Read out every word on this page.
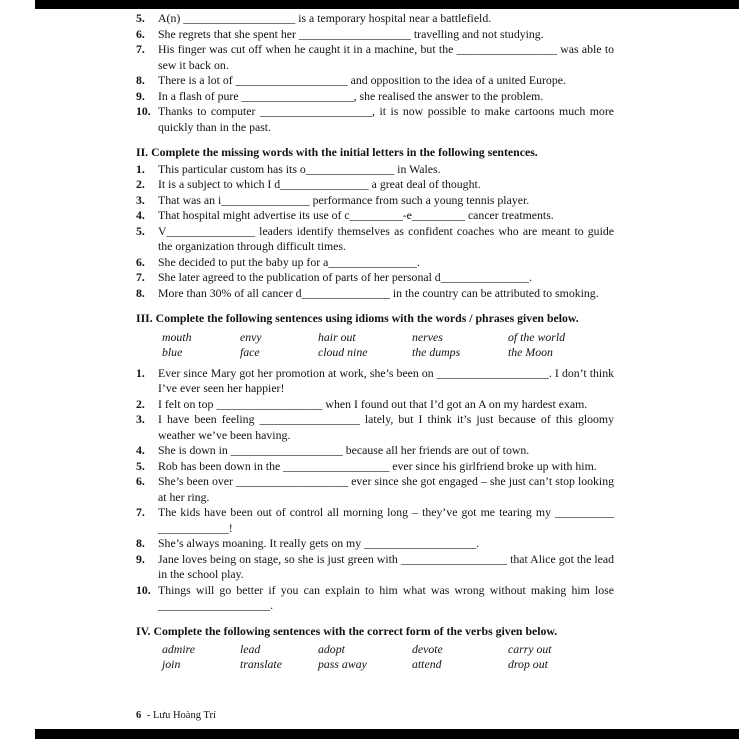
5.	A(n) ___________________ is a temporary hospital near a battlefield.
6.	She regrets that she spent her ___________________ travelling and not studying.
7.	His finger was cut off when he caught it in a machine, but the _________________ was able to sew it back on.
8.	There is a lot of ___________________ and opposition to the idea of a united Europe.
9.	In a flash of pure ___________________, she realised the answer to the problem.
10. Thanks to computer ___________________, it is now possible to make cartoons much more quickly than in the past.
II. Complete the missing words with the initial letters in the following sentences.
1.	This particular custom has its o_______________ in Wales.
2.	It is a subject to which I d_______________ a great deal of thought.
3.	That was an i_______________ performance from such a young tennis player.
4.	That hospital might advertise its use of c_________-e_________ cancer treatments.
5.	V_______________ leaders identify themselves as confident coaches who are meant to guide the organization through difficult times.
6.	She decided to put the baby up for a_______________.
7.	She later agreed to the publication of parts of her personal d_______________.
8.	More than 30% of all cancer d_______________ in the country can be attributed to smoking.
III. Complete the following sentences using idioms with the words / phrases given below.
mouth	envy	hair out	nerves	of the world
blue	face	cloud nine	the dumps	the Moon
1.	Ever since Mary got her promotion at work, she’s been on ___________________. I don’t think I’ve ever seen her happier!
2.	I felt on top __________________ when I found out that I’d got an A on my hardest exam.
3.	I have been feeling _________________ lately, but I think it’s just because of this gloomy weather we’ve been having.
4.	She is down in ___________________ because all her friends are out of town.
5.	Rob has been down in the __________________ ever since his girlfriend broke up with him.
6.	She’s been over ___________________ ever since she got engaged – she just can’t stop looking at her ring.
7.	The kids have been out of control all morning long – they’ve got me tearing my __________ ____________!
8.	She’s always moaning. It really gets on my ___________________.
9.	Jane loves being on stage, so she is just green with __________________ that Alice got the lead in the school play.
10. Things will go better if you can explain to him what was wrong without making him lose ___________________.
IV. Complete the following sentences with the correct form of the verbs given below.
admire	lead	adopt	devote	carry out
join	translate	pass away	attend	drop out
6 - Lưu Hoàng Trí
